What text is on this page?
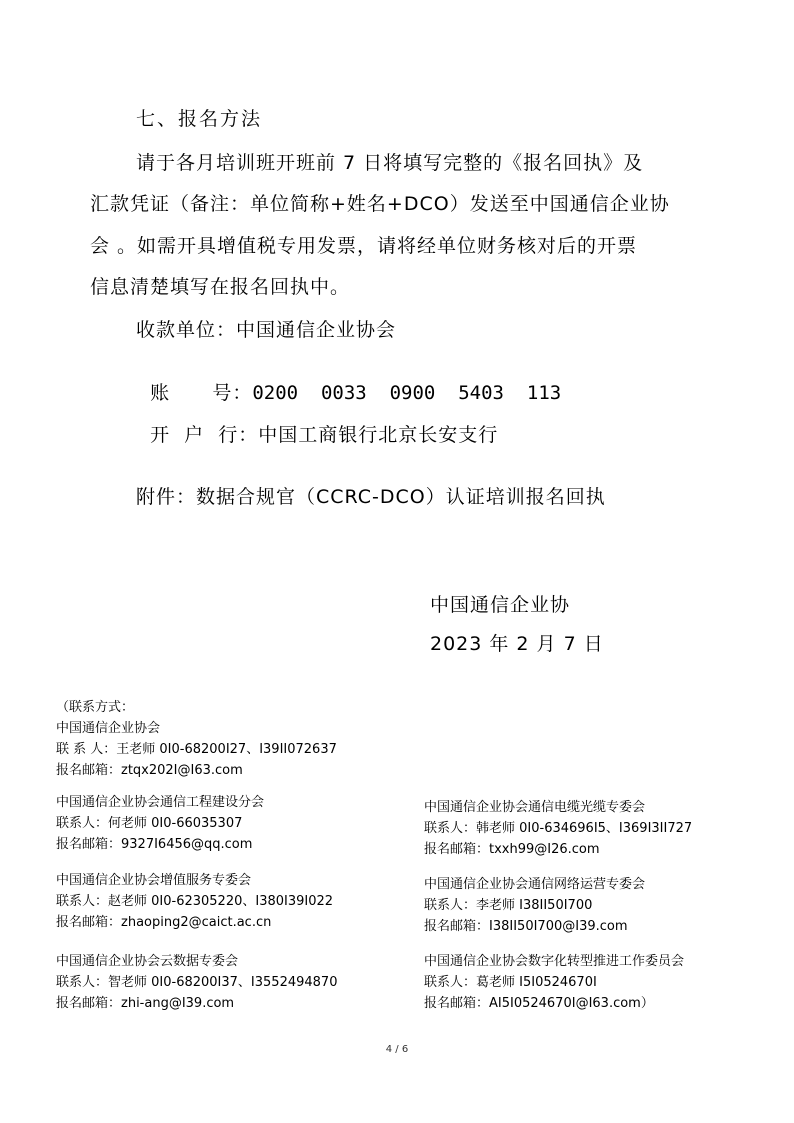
七、报名方法
请于各月培训班开班前 7 日将填写完整的《报名回执》及
汇款凭证（备注：单位简称+姓名+DCO）发送至中国通信企业协
会 。如需开具增值税专用发票，请将经单位财务核对后的开票
信息清楚填写在报名回执中。
收款单位：中国通信企业协会

账      号：0200  0033  0900  5403  113

开  户  行：中国工商银行北京长安支行

附件：数据合规官（CCRC-DCO）认证培训报名回执
中国通信企业协
2023 年 2 月 7 日
（联系方式：
中国通信企业协会
联 系 人：王老师 0I0-68200I27、I39II072637
报名邮箱：ztqx202I@I63.com
中国通信企业协会通信工程建设分会
联系人：何老师 0I0-66035307
报名邮箱：9327I6456@qq.com
中国通信企业协会增值服务专委会
联系人：赵老师 0I0-62305220、I380I39I022
报名邮箱：zhaoping2@caict.ac.cn
中国通信企业协会云数据专委会
联系人：智老师 0I0-68200I37、I3552494870
报名邮箱：zhi-ang@I39.com
中国通信企业协会通信电缆光缆专委会
联系人：韩老师 0I0-634696I5、I369I3II727
报名邮箱：txxh99@I26.com
中国通信企业协会通信网络运营专委会
联系人：李老师 I38II50I700
报名邮箱：I38II50I700@I39.com
中国通信企业协会数字化转型推进工作委员会
联系人：葛老师 I5I0524670I
报名邮箱：AI5I0524670I@I63.com）
4 / 6
